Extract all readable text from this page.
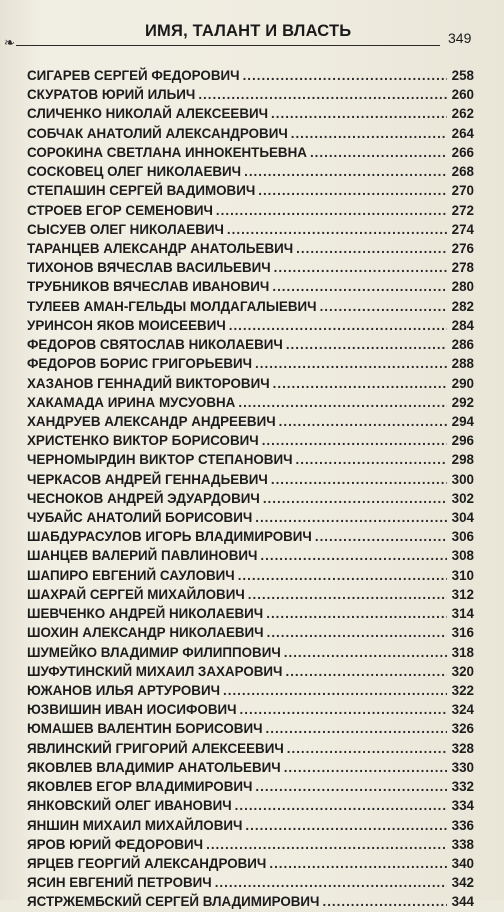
❧
ИМЯ, ТАЛАНТ И ВЛАСТЬ	349
СИГАРЕВ СЕРГЕЙ ФЕДОРОВИЧ .....	258
СКУРАТОВ ЮРИЙ ИЛЬИЧ .....	260
СЛИЧЕНКО НИКОЛАЙ АЛЕКСЕЕВИЧ .....	262
СОБЧАК АНАТОЛИЙ АЛЕКСАНДРОВИЧ .....	264
СОРОКИНА СВЕТЛАНА ИННОКЕНТЬЕВНА .....	266
СОСКОВЕЦ ОЛЕГ НИКОЛАЕВИЧ .....	268
СТЕПАШИН СЕРГЕЙ ВАДИМОВИЧ .....	270
СТРОЕВ ЕГОР СЕМЕНОВИЧ .....	272
СЫСУЕВ ОЛЕГ НИКОЛАЕВИЧ .....	274
ТАРАНЦЕВ АЛЕКСАНДР АНАТОЛЬЕВИЧ .....	276
ТИХОНОВ ВЯЧЕСЛАВ ВАСИЛЬЕВИЧ .....	278
ТРУБНИКОВ ВЯЧЕСЛАВ ИВАНОВИЧ .....	280
ТУЛЕЕВ АМАН-ГЕЛЬДЫ МОЛДАГАЛЫЕВИЧ .....	282
УРИНСОН ЯКОВ МОИСЕЕВИЧ .....	284
ФЕДОРОВ СВЯТОСЛАВ НИКОЛАЕВИЧ .....	286
ФЕДОРОВ БОРИС ГРИГОРЬЕВИЧ .....	288
ХАЗАНОВ ГЕННАДИЙ ВИКТОРОВИЧ .....	290
ХАКАМАДА ИРИНА МУСУОВНА .....	292
ХАНДРУЕВ АЛЕКСАНДР АНДРЕЕВИЧ .....	294
ХРИСТЕНКО ВИКТОР БОРИСОВИЧ .....	296
ЧЕРНОМЫРДИН ВИКТОР СТЕПАНОВИЧ .....	298
ЧЕРКАСОВ АНДРЕЙ ГЕННАДЬЕВИЧ .....	300
ЧЕСНОКОВ АНДРЕЙ ЭДУАРДОВИЧ .....	302
ЧУБАЙС АНАТОЛИЙ БОРИСОВИЧ .....	304
ШАБДУРАСУЛОВ ИГОРЬ ВЛАДИМИРОВИЧ .....	306
ШАНЦЕВ ВАЛЕРИЙ ПАВЛИНОВИЧ .....	308
ШАПИРО ЕВГЕНИЙ САУЛОВИЧ .....	310
ШАХРАЙ СЕРГЕЙ МИХАЙЛОВИЧ .....	312
ШЕВЧЕНКО АНДРЕЙ НИКОЛАЕВИЧ .....	314
ШОХИН АЛЕКСАНДР НИКОЛАЕВИЧ .....	316
ШУМЕЙКО ВЛАДИМИР ФИЛИППОВИЧ .....	318
ШУФУТИНСКИЙ МИХАИЛ ЗАХАРОВИЧ .....	320
ЮЖАНОВ ИЛЬЯ АРТУРОВИЧ .....	322
ЮЗВИШИН ИВАН ИОСИФОВИЧ .....	324
ЮМАШЕВ ВАЛЕНТИН БОРИСОВИЧ .....	326
ЯВЛИНСКИЙ ГРИГОРИЙ АЛЕКСЕЕВИЧ .....	328
ЯКОВЛЕВ ВЛАДИМИР АНАТОЛЬЕВИЧ .....	330
ЯКОВЛЕВ ЕГОР ВЛАДИМИРОВИЧ .....	332
ЯНКОВСКИЙ ОЛЕГ ИВАНОВИЧ .....	334
ЯНШИН МИХАИЛ МИХАЙЛОВИЧ .....	336
ЯРОВ ЮРИЙ ФЕДОРОВИЧ .....	338
ЯРЦЕВ ГЕОРГИЙ АЛЕКСАНДРОВИЧ .....	340
ЯСИН ЕВГЕНИЙ ПЕТРОВИЧ .....	342
ЯСТРЖЕМБСКИЙ СЕРГЕЙ ВЛАДИМИРОВИЧ .....	344
